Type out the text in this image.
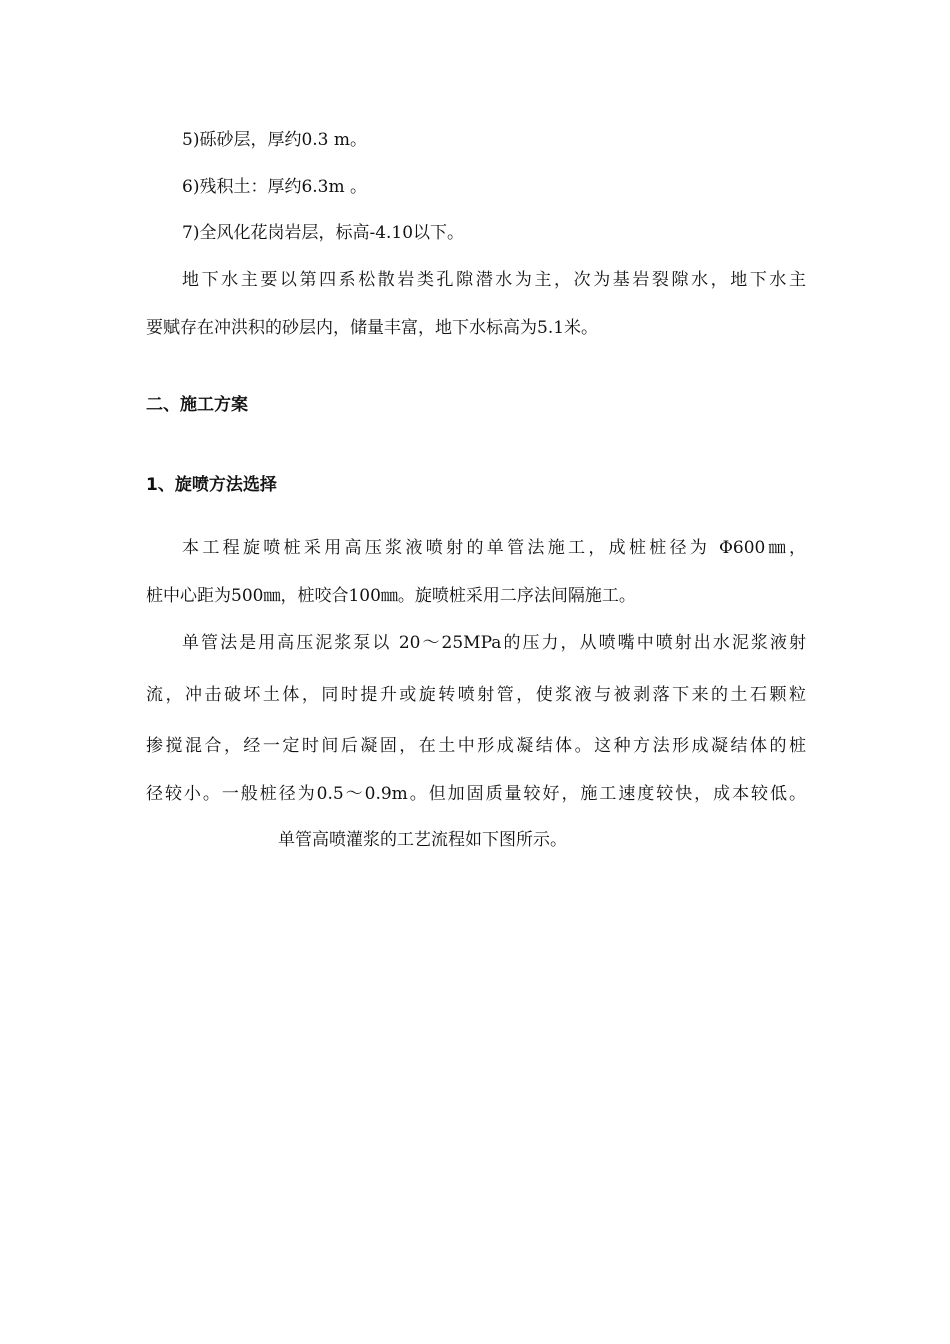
5)砾砂层，厚约0.3 m。
6)残积土：厚约6.3m 。
7)全风化花岗岩层，标高-4.10以下。
地下水主要以第四系松散岩类孔隙潜水为主，次为基岩裂隙水，地下水主
要赋存在冲洪积的砂层内，储量丰富，地下水标高为5.1米。
二、施工方案
1、旋喷方法选择
本工程旋喷桩采用高压浆液喷射的单管法施工，成桩桩径为 Φ600㎜，
桩中心距为500㎜，桩咬合100㎜。旋喷桩采用二序法间隔施工。
单管法是用高压泥浆泵以 20～25MPa的压力，从喷嘴中喷射出水泥浆液射
流，冲击破坏土体，同时提升或旋转喷射管，使浆液与被剥落下来的土石颗粒
掺搅混合，经一定时间后凝固，在土中形成凝结体。这种方法形成凝结体的桩
径较小。一般桩径为0.5～0.9m。但加固质量较好，施工速度较快，成本较低。
单管高喷灌浆的工艺流程如下图所示。
